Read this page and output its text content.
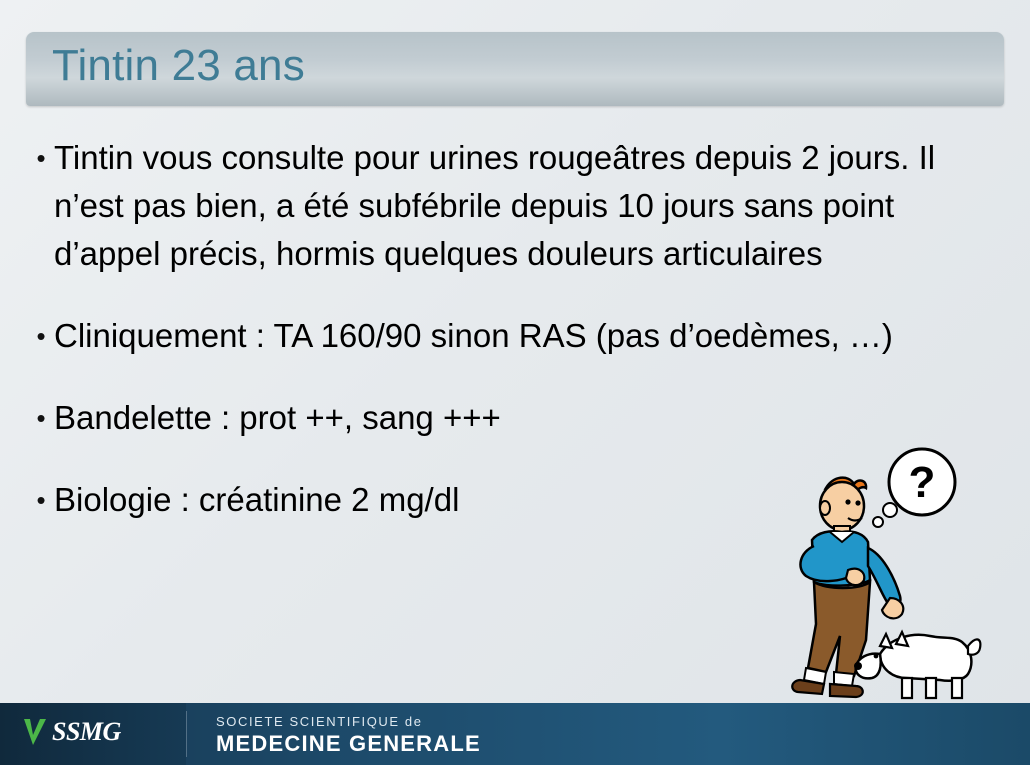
Tintin 23 ans
• Tintin vous consulte pour urines rougeâtres depuis 2 jours. Il n’est pas bien, a été subfébrile depuis 10 jours sans point d’appel précis, hormis quelques douleurs articulaires
• Cliniquement : TA 160/90 sinon RAS (pas d’oedèmes, …)
• Bandelette : prot ++, sang +++
• Biologie : créatinine 2 mg/dl	?
SSMG	SOCIETE SCIENTIFIQUE de
MEDECINE GENERALE
